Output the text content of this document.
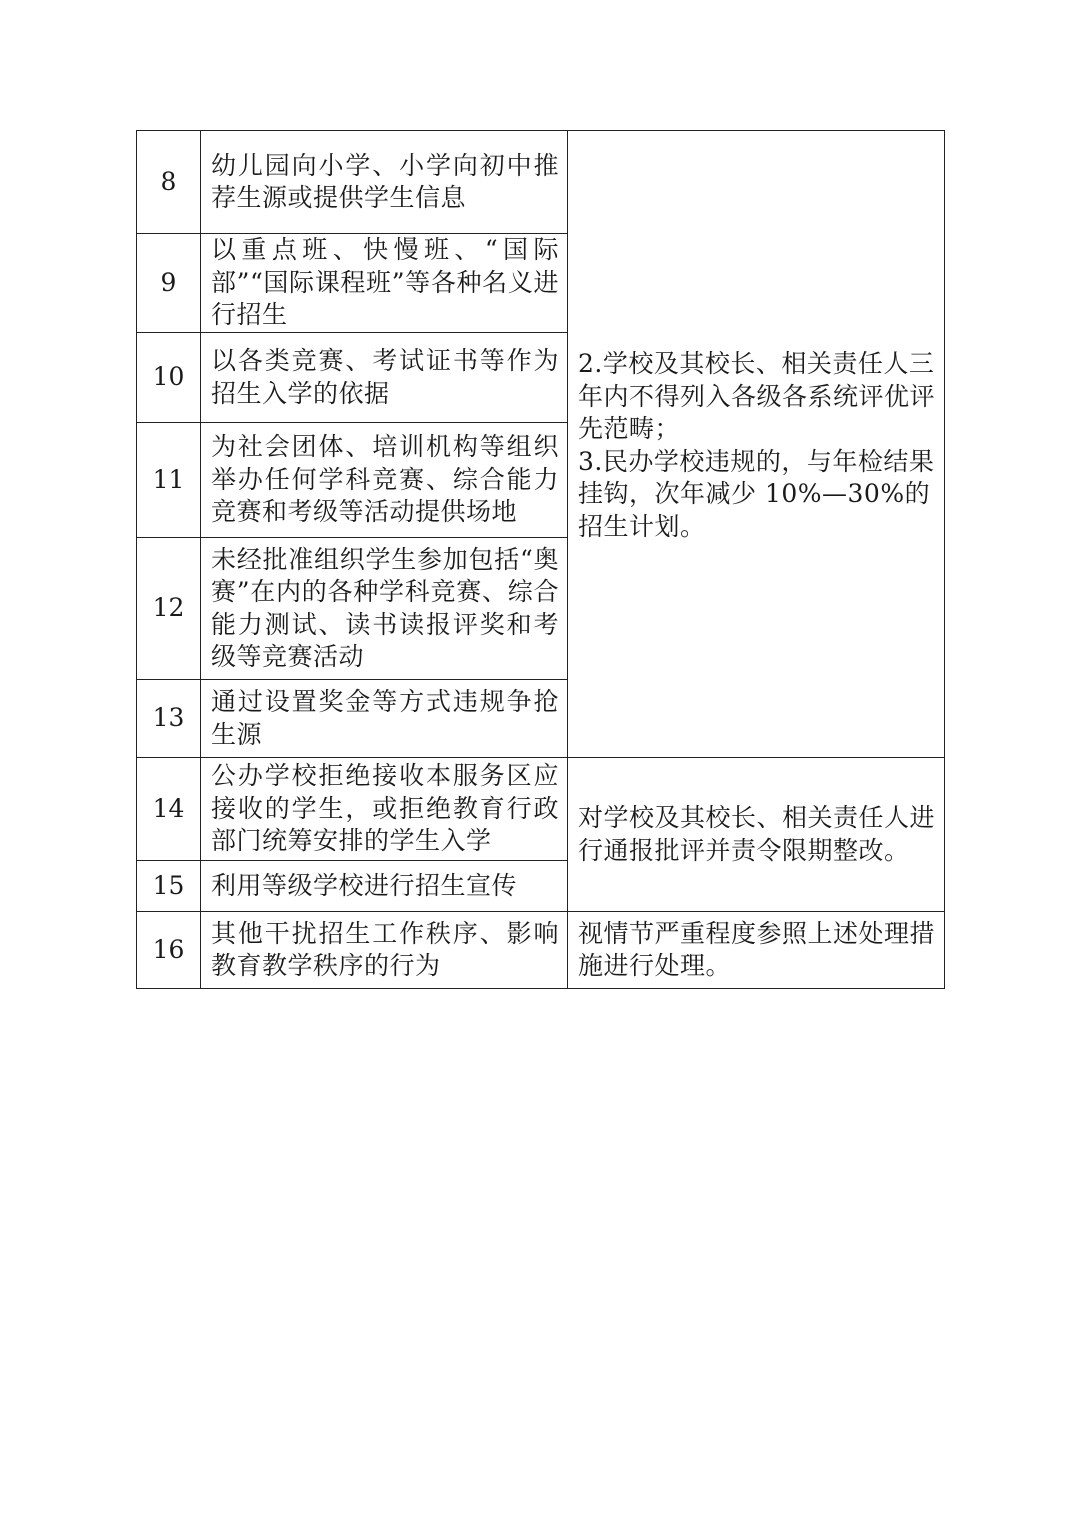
8	幼儿园向小学、小学向初中推荐生源或提供学生信息	2.学校及其校长、相关责任人三年内不得列入各级各系统评优评先范畴；
3.民办学校违规的，与年检结果挂钩，次年减少 10%—30%的招生计划。

9	以重点班、快慢班、“国际部”“国际课程班”等各种名义进行招生	
10	以各类竞赛、考试证书等作为招生入学的依据	
11	为社会团体、培训机构等组织举办任何学科竞赛、综合能力竞赛和考级等活动提供场地	
12	未经批准组织学生参加包括“奥赛”在内的各种学科竞赛、综合能力测试、读书读报评奖和考级等竞赛活动	
13	通过设置奖金等方式违规争抢生源	
14	公办学校拒绝接收本服务区应接收的学生，或拒绝教育行政部门统筹安排的学生入学	对学校及其校长、相关责任人进行通报批评并责令限期整改。
15	利用等级学校进行招生宣传	
16	其他干扰招生工作秩序、影响教育教学秩序的行为	视情节严重程度参照上述处理措施进行处理。
